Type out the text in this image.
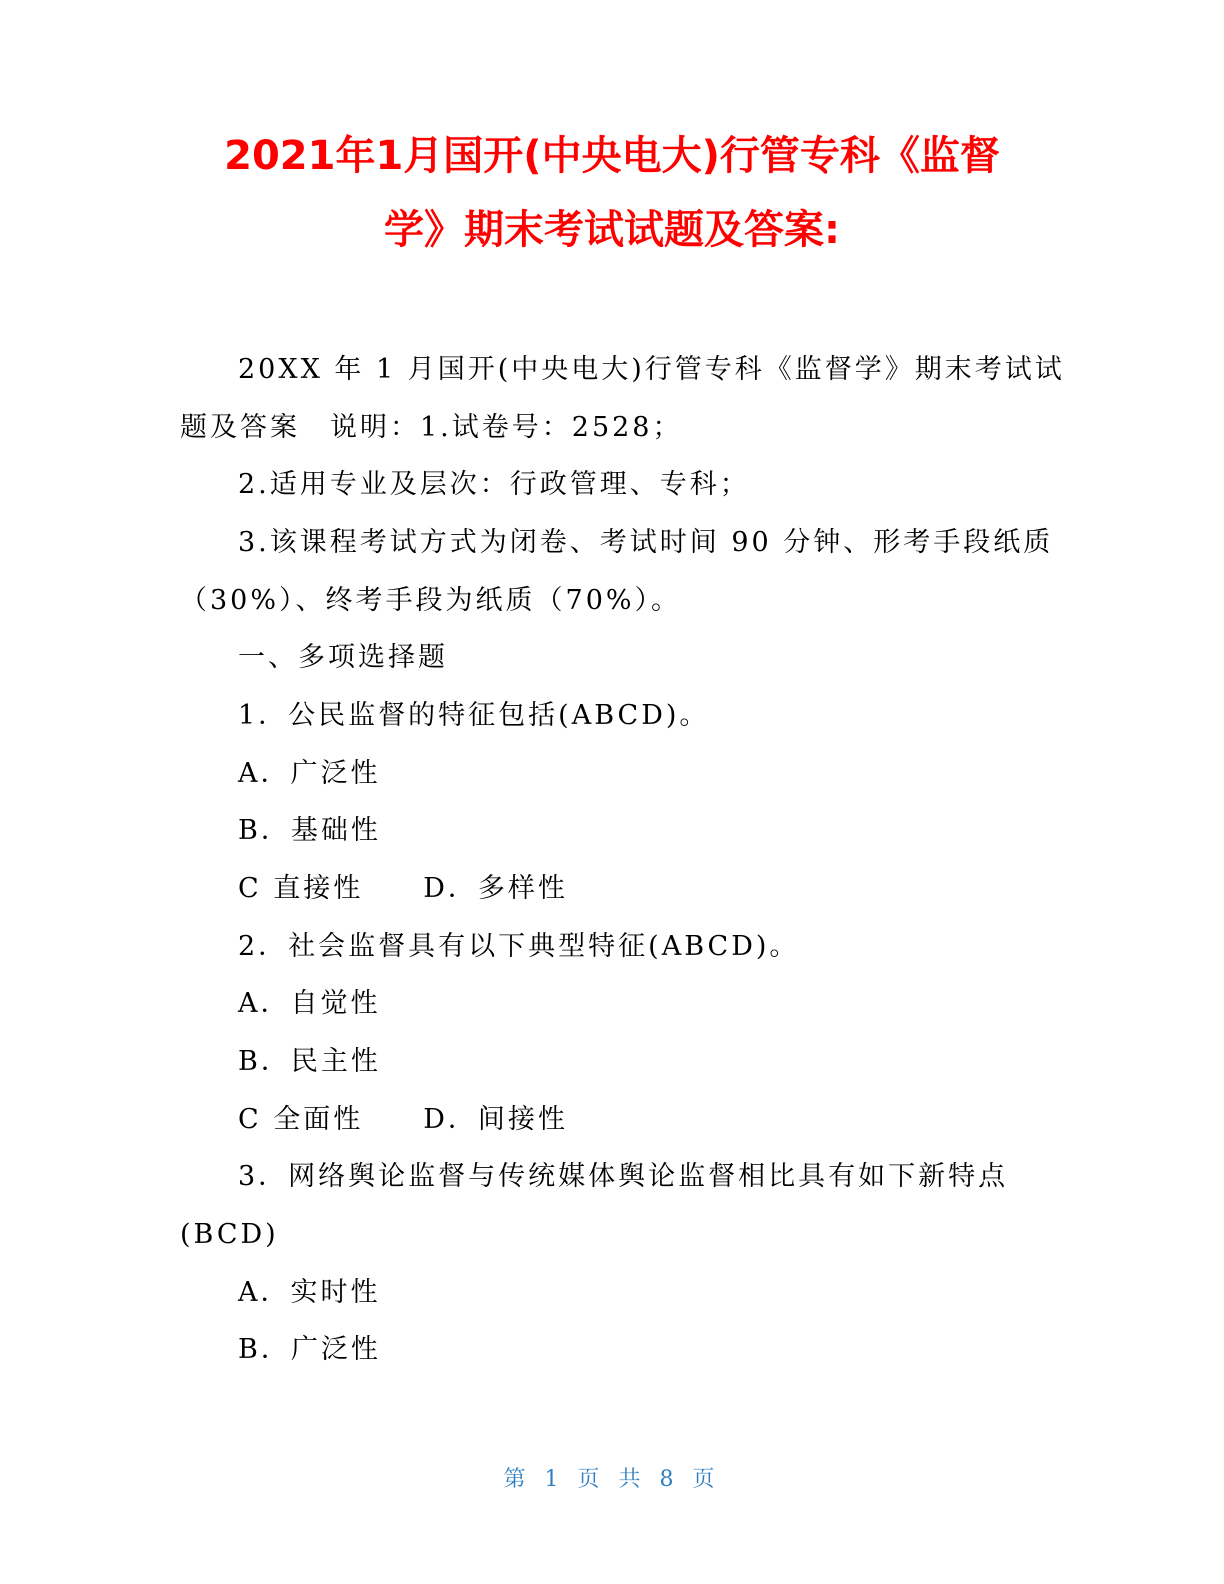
2021年1月国开(中央电大)行管专科《监督
学》期末考试试题及答案:
20XX 年 1 月国开(中央电大)行管专科《监督学》期末考试试
题及答案　说明：1.试卷号：2528；
2.适用专业及层次：行政管理、专科；
3.该课程考试方式为闭卷、考试时间 90 分钟、形考手段纸质
（30%）、终考手段为纸质（70%）。
一、多项选择题
1．公民监督的特征包括(ABCD)。
A．广泛性
B．基础性
C 直接性　　D．多样性
2．社会监督具有以下典型特征(ABCD)。
A．自觉性
B．民主性
C 全面性　　D．间接性
3．网络舆论监督与传统媒体舆论监督相比具有如下新特点
(BCD)
A．实时性
B．广泛性
第 1 页 共 8 页
